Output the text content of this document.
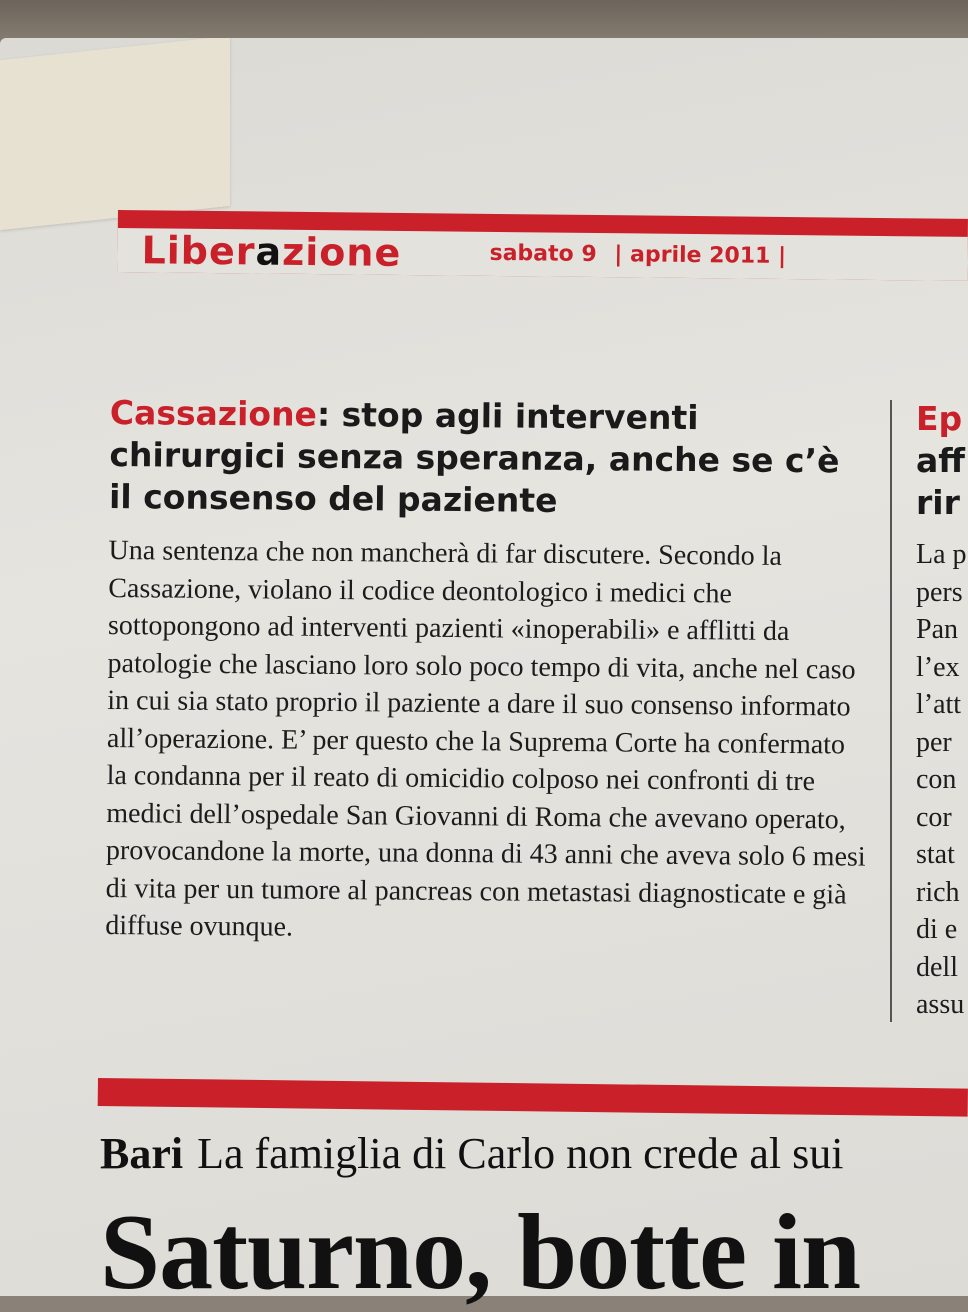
Liberazione	sabato 9 | aprile 2011 |
Cassazione: stop agli interventi chirurgici senza speranza, anche se c’è il consenso del paziente

Una sentenza che non mancherà di far discutere. Secondo la Cassazione, violano il codice deontologico i medici che sottopongono ad interventi pazienti «inoperabili» e afflitti da patologie che lasciano loro solo poco tempo di vita, anche nel caso in cui sia stato proprio il paziente a dare il suo consenso informato all’operazione. E’ per questo che la Suprema Corte ha confermato la condanna per il reato di omicidio colposo nei confronti di tre medici dell’ospedale San Giovanni di Roma che avevano operato, provocandone la morte, una donna di 43 anni che aveva solo 6 mesi di vita per un tumore al pancreas con metastasi diagnosticate e già diffuse ovunque.

Ep
aff
rir
La p
pers
Pan
l’ex
l’att
per
con
cor
stat
rich
di e
dell
assu
Bari La famiglia di Carlo non crede al sui
Saturno, botte in
